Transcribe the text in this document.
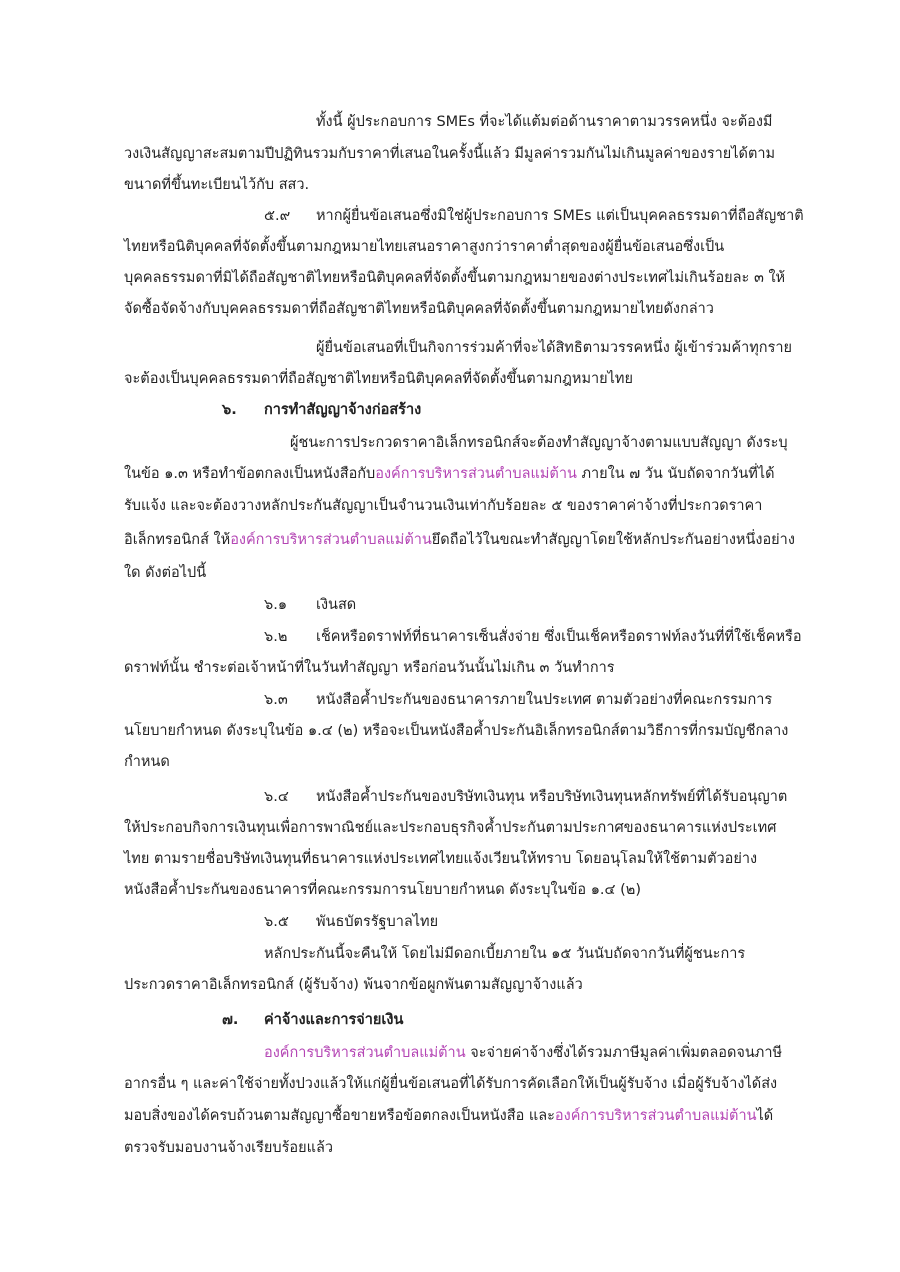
ทั้งนี้ ผู้ประกอบการ SMEs ที่จะได้แต้มต่อด้านราคาตามวรรคหนึ่ง จะต้องมี
วงเงินสัญญาสะสมตามปีปฏิทินรวมกับราคาที่เสนอในครั้งนี้แล้ว มีมูลค่ารวมกันไม่เกินมูลค่าของรายได้ตาม
ขนาดที่ขึ้นทะเบียนไว้กับ สสว.
๕.๙ หากผู้ยื่นข้อเสนอซึ่งมิใช่ผู้ประกอบการ SMEs แต่เป็นบุคคลธรรมดาที่ถือสัญชาติ
ไทยหรือนิติบุคคลที่จัดตั้งขึ้นตามกฎหมายไทยเสนอราคาสูงกว่าราคาต่ำสุดของผู้ยื่นข้อเสนอซึ่งเป็น
บุคคลธรรมดาที่มิได้ถือสัญชาติไทยหรือนิติบุคคลที่จัดตั้งขึ้นตามกฎหมายของต่างประเทศไม่เกินร้อยละ ๓ ให้
จัดซื้อจัดจ้างกับบุคคลธรรมดาที่ถือสัญชาติไทยหรือนิติบุคคลที่จัดตั้งขึ้นตามกฎหมายไทยดังกล่าว
ผู้ยื่นข้อเสนอที่เป็นกิจการร่วมค้าที่จะได้สิทธิตามวรรคหนึ่ง ผู้เข้าร่วมค้าทุกราย
จะต้องเป็นบุคคลธรรมดาที่ถือสัญชาติไทยหรือนิติบุคคลที่จัดตั้งขึ้นตามกฎหมายไทย
๖. การทำสัญญาจ้างก่อสร้าง
ผู้ชนะการประกวดราคาอิเล็กทรอนิกส์จะต้องทำสัญญาจ้างตามแบบสัญญา ดังระบุ
ในข้อ ๑.๓ หรือทำข้อตกลงเป็นหนังสือกับองค์การบริหารส่วนตำบลแม่ต้าน ภายใน ๗ วัน นับถัดจากวันที่ได้
รับแจ้ง และจะต้องวางหลักประกันสัญญาเป็นจำนวนเงินเท่ากับร้อยละ ๕ ของราคาค่าจ้างที่ประกวดราคา
อิเล็กทรอนิกส์ ให้องค์การบริหารส่วนตำบลแม่ต้านยึดถือไว้ในขณะทำสัญญาโดยใช้หลักประกันอย่างหนึ่งอย่าง
ใด ดังต่อไปนี้
๖.๑ เงินสด
๖.๒ เช็คหรือดราฟท์ที่ธนาคารเซ็นสั่งจ่าย ซึ่งเป็นเช็คหรือดราฟท์ลงวันที่ที่ใช้เช็คหรือ
ดราฟท์นั้น ชำระต่อเจ้าหน้าที่ในวันทำสัญญา หรือก่อนวันนั้นไม่เกิน ๓ วันทำการ
๖.๓ หนังสือค้ำประกันของธนาคารภายในประเทศ ตามตัวอย่างที่คณะกรรมการ
นโยบายกำหนด ดังระบุในข้อ ๑.๔ (๒) หรือจะเป็นหนังสือค้ำประกันอิเล็กทรอนิกส์ตามวิธีการที่กรมบัญชีกลาง
กำหนด
๖.๔ หนังสือค้ำประกันของบริษัทเงินทุน หรือบริษัทเงินทุนหลักทรัพย์ที่ได้รับอนุญาต
ให้ประกอบกิจการเงินทุนเพื่อการพาณิชย์และประกอบธุรกิจค้ำประกันตามประกาศของธนาคารแห่งประเทศ
ไทย ตามรายชื่อบริษัทเงินทุนที่ธนาคารแห่งประเทศไทยแจ้งเวียนให้ทราบ โดยอนุโลมให้ใช้ตามตัวอย่าง
หนังสือค้ำประกันของธนาคารที่คณะกรรมการนโยบายกำหนด ดังระบุในข้อ ๑.๔ (๒)
๖.๕ พันธบัตรรัฐบาลไทย
หลักประกันนี้จะคืนให้ โดยไม่มีดอกเบี้ยภายใน ๑๕ วันนับถัดจากวันที่ผู้ชนะการ
ประกวดราคาอิเล็กทรอนิกส์ (ผู้รับจ้าง) พ้นจากข้อผูกพันตามสัญญาจ้างแล้ว
๗. ค่าจ้างและการจ่ายเงิน
องค์การบริหารส่วนตำบลแม่ต้าน จะจ่ายค่าจ้างซึ่งได้รวมภาษีมูลค่าเพิ่มตลอดจนภาษี
อากรอื่น ๆ และค่าใช้จ่ายทั้งปวงแล้วให้แก่ผู้ยื่นข้อเสนอที่ได้รับการคัดเลือกให้เป็นผู้รับจ้าง เมื่อผู้รับจ้างได้ส่ง
มอบสิ่งของได้ครบถ้วนตามสัญญาซื้อขายหรือข้อตกลงเป็นหนังสือ และองค์การบริหารส่วนตำบลแม่ต้านได้
ตรวจรับมอบงานจ้างเรียบร้อยแล้ว
